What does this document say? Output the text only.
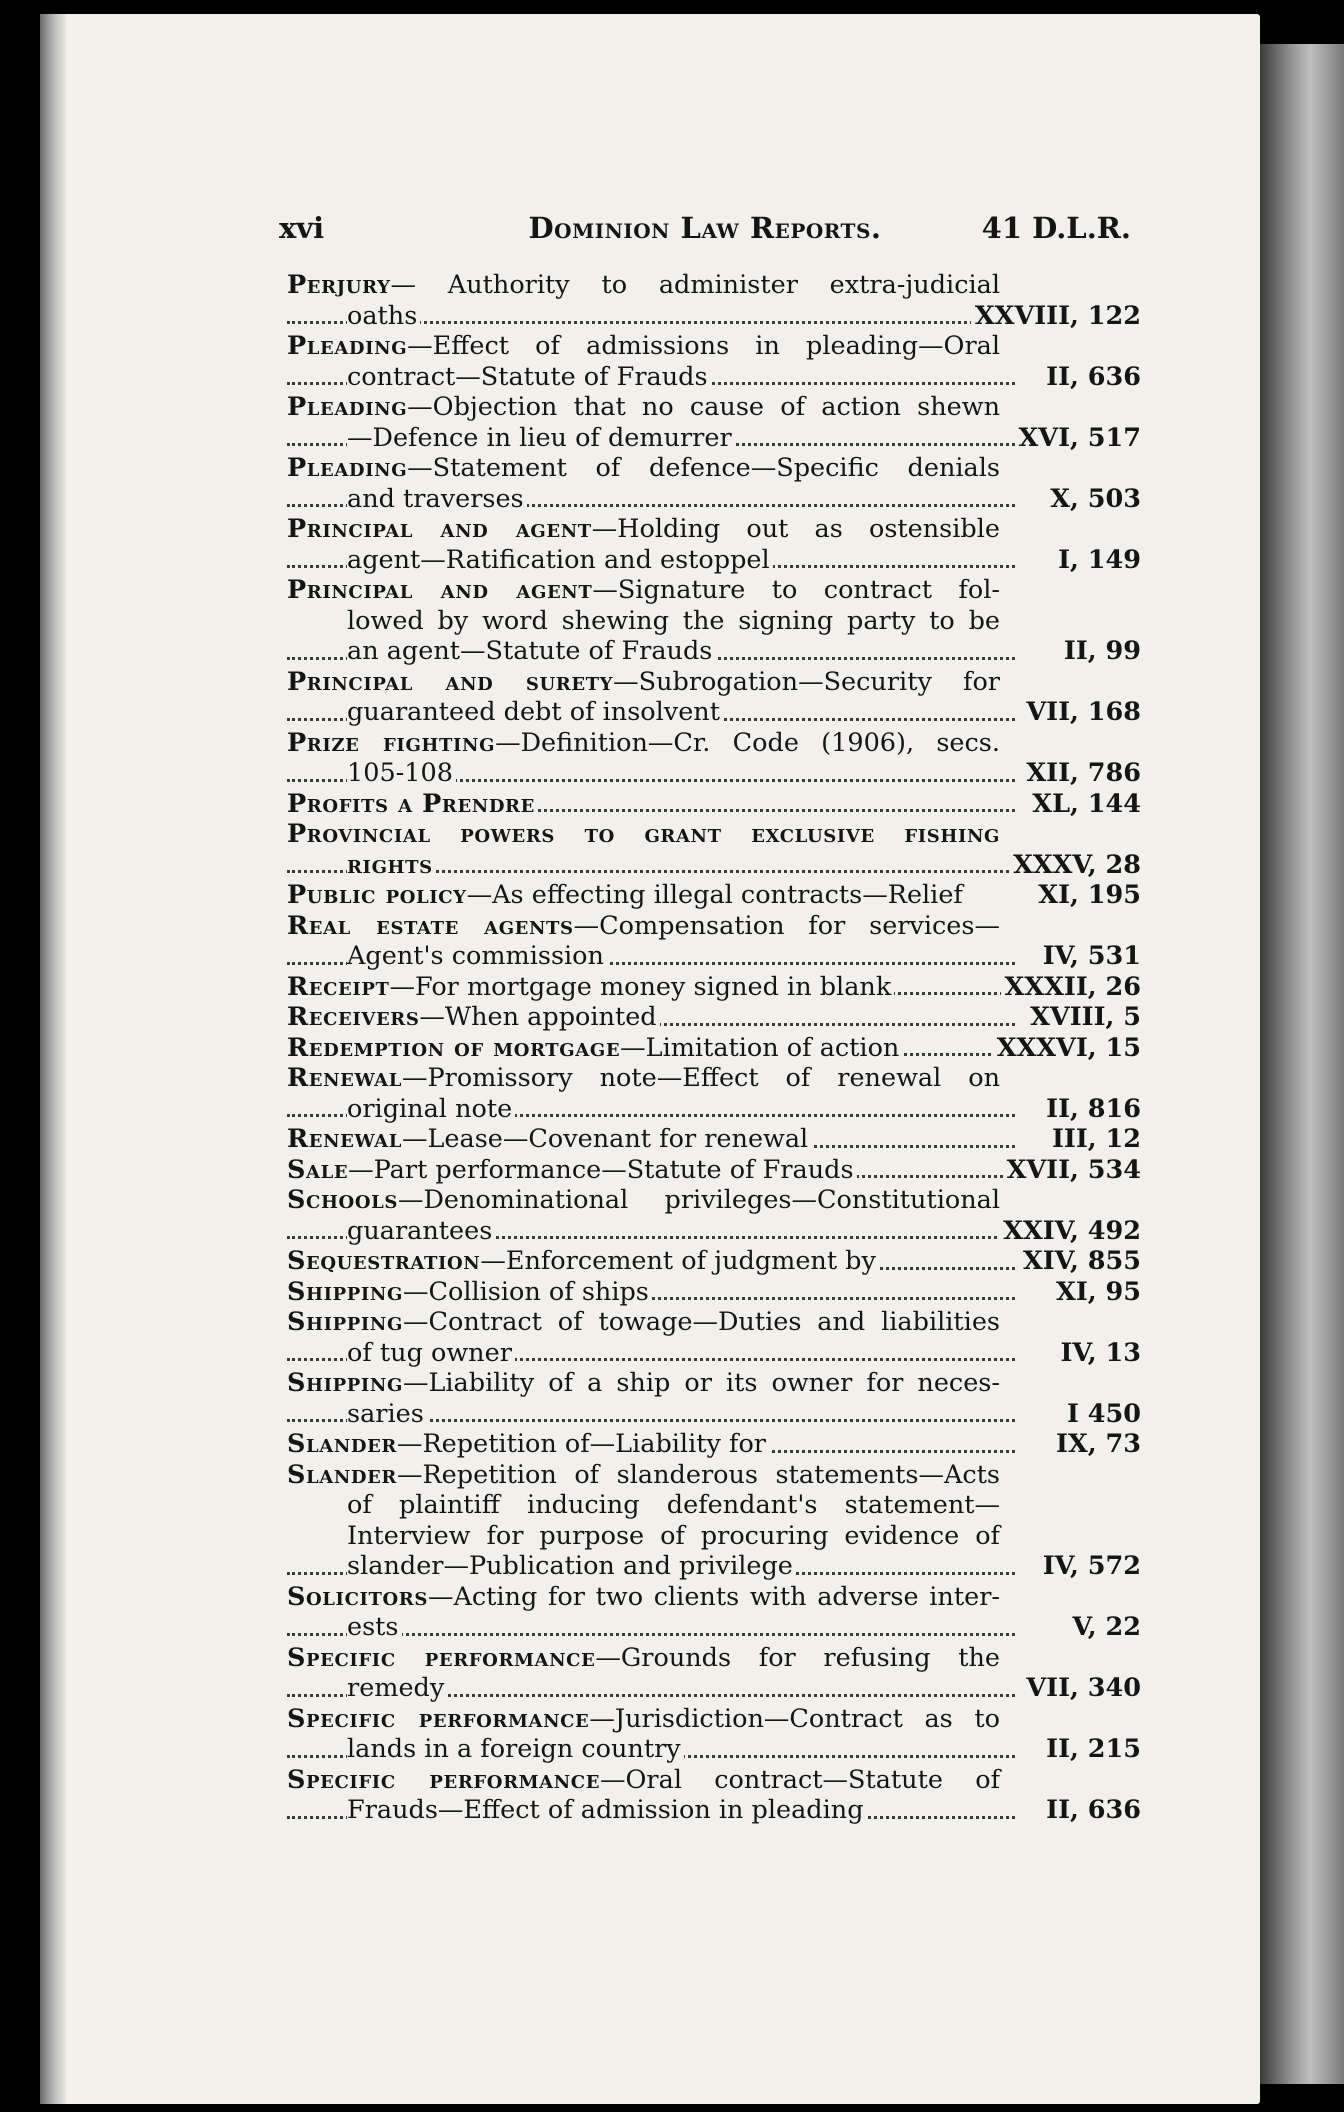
xvi	Dominion Law Reports.	41 D.L.R.
Perjury— Authority to administer extra-judicial
oaths	XXVIII, 122
Pleading—Effect of admissions in pleading—Oral
contract—Statute of Frauds	II, 636
Pleading—Objection that no cause of action shewn
—Defence in lieu of demurrer	XVI, 517
Pleading—Statement of defence—Specific denials
and traverses	X, 503
Principal and agent—Holding out as ostensible
agent—Ratification and estoppel	I, 149
Principal and agent—Signature to contract fol-
lowed by word shewing the signing party to be
an agent—Statute of Frauds	II, 99
Principal and surety—Subrogation—Security for
guaranteed debt of insolvent	VII, 168
Prize fighting—Definition—Cr. Code (1906), secs.
105-108	XII, 786
Profits a Prendre	XL, 144
Provincial powers to grant exclusive fishing
rights	XXXV, 28
Public policy—As effecting illegal contracts—Relief	XI, 195
Real estate agents—Compensation for services—
Agent's commission	IV, 531
Receipt—For mortgage money signed in blank	XXXII, 26
Receivers—When appointed	XVIII, 5
Redemption of mortgage—Limitation of action	XXXVI, 15
Renewal—Promissory note—Effect of renewal on
original note	II, 816
Renewal—Lease—Covenant for renewal	III, 12
Sale—Part performance—Statute of Frauds	XVII, 534
Schools—Denominational privileges—Constitutional
guarantees	XXIV, 492
Sequestration—Enforcement of judgment by	XIV, 855
Shipping—Collision of ships	XI, 95
Shipping—Contract of towage—Duties and liabilities
of tug owner	IV, 13
Shipping—Liability of a ship or its owner for neces-
saries	I 450
Slander—Repetition of—Liability for	IX, 73
Slander—Repetition of slanderous statements—Acts
of plaintiff inducing defendant's statement—
Interview for purpose of procuring evidence of
slander—Publication and privilege	IV, 572
Solicitors—Acting for two clients with adverse inter-
ests	V, 22
Specific performance—Grounds for refusing the
remedy	VII, 340
Specific performance—Jurisdiction—Contract as to
lands in a foreign country	II, 215
Specific performance—Oral contract—Statute of
Frauds—Effect of admission in pleading	II, 636
